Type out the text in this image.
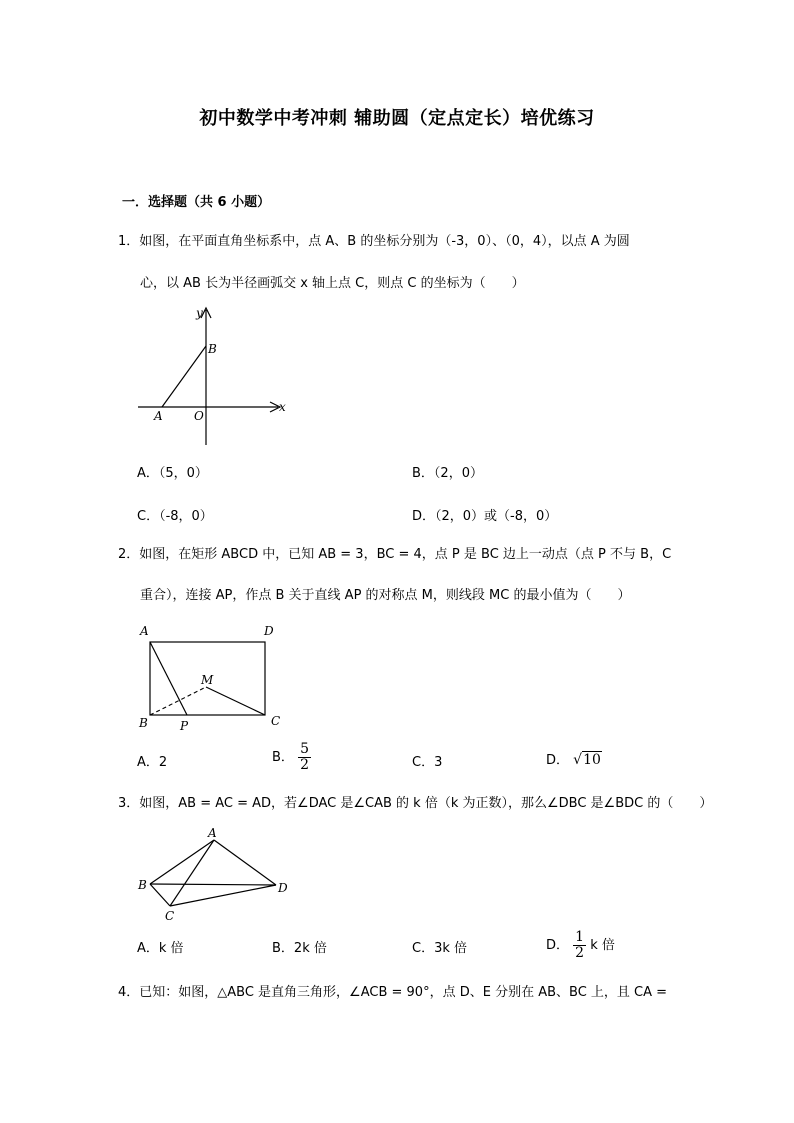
初中数学中考冲刺 辅助圆（定点定长）培优练习
一．选择题（共 6 小题）
1．如图，在平面直角坐标系中，点 A、B 的坐标分别为（-3，0）、（0，4），以点 A 为圆
心，以 AB 长为半径画弧交 x 轴上点 C，则点 C 的坐标为（　　）
y
x
B
A	O
A．（5，0）	B．（2，0）
C．（-8，0）	D．（2，0）或（-8，0）
2．如图，在矩形 ABCD 中，已知 AB = 3，BC = 4，点 P 是 BC 边上一动点（点 P 不与 B，C
重合），连接 AP，作点 B 关于直线 AP 的对称点 M，则线段 MC 的最小值为（　　）
A	D
M
B	P	C
A．2	B． $\frac{5}{2}$	C．3	D． √10
3．如图，AB = AC = AD，若∠DAC 是∠CAB 的 k 倍（k 为正数），那么∠DBC 是∠BDC 的（　　）
A
B
C
D
A．k 倍	B．2k 倍	C．3k 倍	D． $\frac{1}{2}$ k 倍
4．已知：如图，△ABC 是直角三角形，∠ACB = 90°，点 D、E 分别在 AB、BC 上，且 CA =
